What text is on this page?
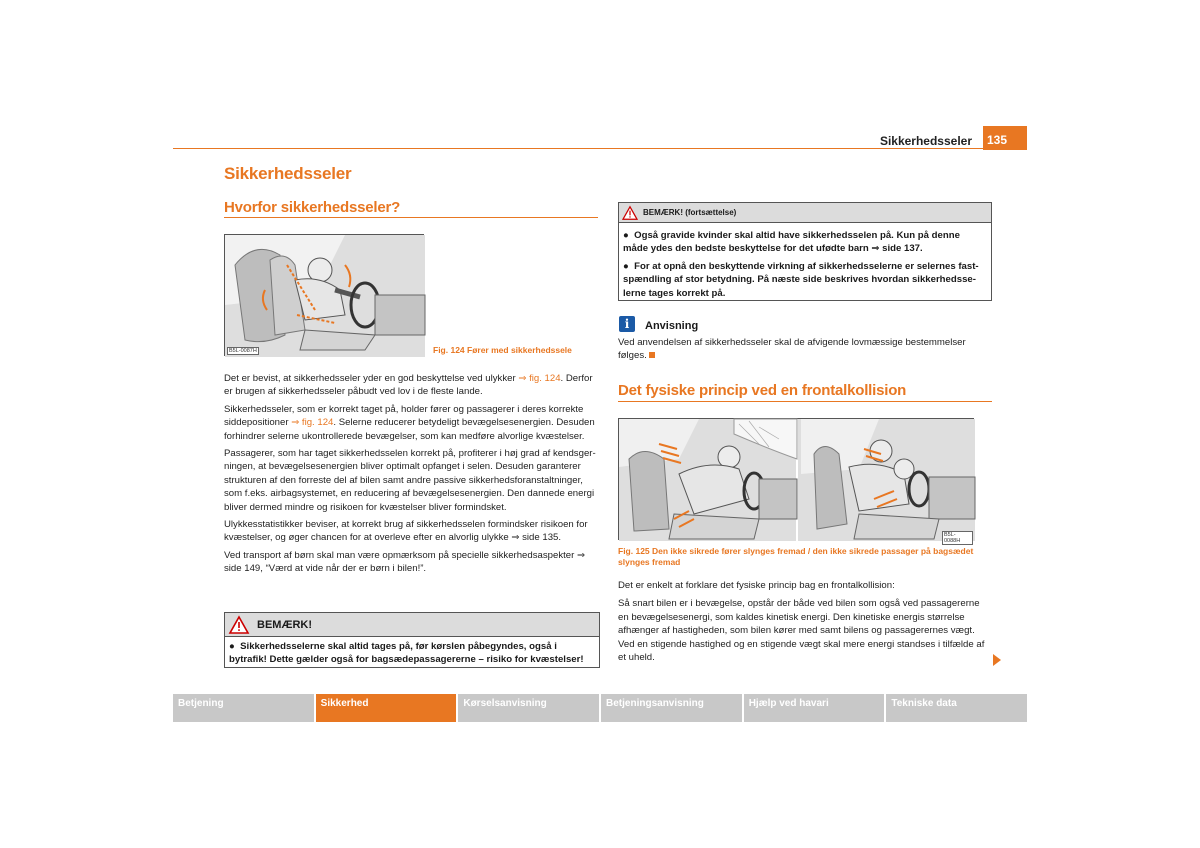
Sikkerhedsseler	135
Sikkerhedsseler
Hvorfor sikkerhedsseler?
B5L-0087H	Fig. 124 Fører med sikkerhedssele

Det er bevist, at sikkerhedsseler yder en god beskyttelse ved ulykker ⇒ fig. 124. Derfor er brugen af sikkerhedsseler påbudt ved lov i de fleste lande.

Sikkerhedsseler, som er korrekt taget på, holder fører og passagerer i deres korrekte siddepositioner ⇒ fig. 124. Selerne reducerer betydeligt bevægelsesenergien. Desuden forhindrer selerne ukontrollerede bevægelser, som kan medføre alvorlige kvæstelser.

Passagerer, som har taget sikkerhedsselen korrekt på, profiterer i høj grad af kendsger-ningen, at bevægelsesenergien bliver optimalt opfanget i selen. Desuden garanterer strukturen af den forreste del af bilen samt andre passive sikkerhedsforanstaltninger, som f.eks. airbagsystemet, en reducering af bevægelsesenergien. Den dannede energi bliver dermed mindre og risikoen for kvæstelser bliver formindsket.

Ulykkesstatistikker beviser, at korrekt brug af sikkerhedsselen formindsker risikoen for kvæstelser, og øger chancen for at overleve efter en alvorlig ulykke ⇒ side 135.

Ved transport af børn skal man være opmærksom på specielle sikkerhedsaspekter ⇒ side 149, “Værd at vide når der er børn i bilen!”.

BEMÆRK!
●  Sikkerhedsselerne skal altid tages på, før kørslen påbegyndes, også i bytrafik! Dette gælder også for bagsædepassagererne – risiko for kvæstelser!
BEMÆRK! (fortsættelse)

●  Også gravide kvinder skal altid have sikkerhedsselen på. Kun på denne måde ydes den bedste beskyttelse for det ufødte barn ⇒ side 137.

●  For at opnå den beskyttende virkning af sikkerhedsselerne er selernes fast-spændling af stor betydning. På næste side beskrives hvordan sikkerhedsse-lerne tages korrekt på.

i	Anvisning
Ved anvendelsen af sikkerhedsseler skal de afvigende lovmæssige bestemmelser følges.
Det fysiske princip ved en frontalkollision
B5L-0088H
Fig. 125 Den ikke sikrede fører slynges fremad / den ikke sikrede passager på bagsædet slynges fremad

Det er enkelt at forklare det fysiske princip bag en frontalkollision:

Så snart bilen er i bevægelse, opstår der både ved bilen som også ved passagererne en bevægelsesenergi, som kaldes kinetisk energi. Den kinetiske energis størrelse afhænger af hastigheden, som bilen kører med samt bilens og passagerernes vægt. Ved en stigende hastighed og en stigende vægt skal mere energi standses i tilfælde af et uheld.

Betjening	Sikkerhed	Kørselsanvisning	Betjeningsanvisning	Hjælp ved havari	Tekniske data
